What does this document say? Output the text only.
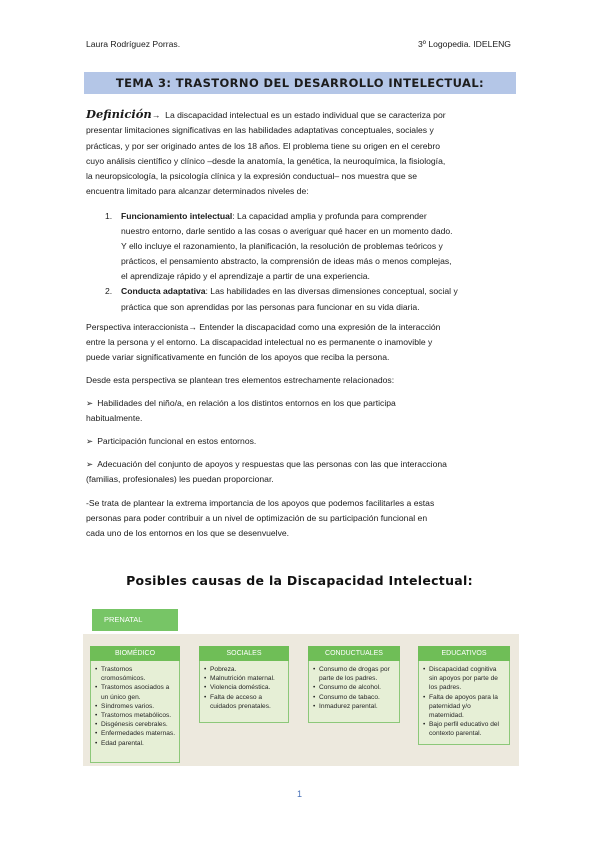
Laura Rodríguez Porras.	3º Logopedia. IDELENG
TEMA 3: TRASTORNO DEL DESARROLLO INTELECTUAL:
Definición→ La discapacidad intelectual es un estado individual que se caracteriza por
presentar limitaciones significativas en las habilidades adaptativas conceptuales, sociales y
prácticas, y por ser originado antes de los 18 años. El problema tiene su origen en el cerebro
cuyo análisis científico y clínico –desde la anatomía, la genética, la neuroquímica, la fisiología,
la neuropsicología, la psicología clínica y la expresión conductual– nos muestra que se
encuentra limitado para alcanzar determinados niveles de:
1. Funcionamiento intelectual: La capacidad amplia y profunda para comprender
nuestro entorno, darle sentido a las cosas o averiguar qué hacer en un momento dado.
Y ello incluye el razonamiento, la planificación, la resolución de problemas teóricos y
prácticos, el pensamiento abstracto, la comprensión de ideas más o menos complejas,
el aprendizaje rápido y el aprendizaje a partir de una experiencia.
2. Conducta adaptativa: Las habilidades en las diversas dimensiones conceptual, social y
práctica que son aprendidas por las personas para funcionar en su vida diaria.
Perspectiva interaccionista→ Entender la discapacidad como una expresión de la interacción
entre la persona y el entorno. La discapacidad intelectual no es permanente o inamovible y
puede variar significativamente en función de los apoyos que reciba la persona.
Desde esta perspectiva se plantean tres elementos estrechamente relacionados:
➢ Habilidades del niño/a, en relación a los distintos entornos en los que participa
habitualmente.
➢ Participación funcional en estos entornos.
➢ Adecuación del conjunto de apoyos y respuestas que las personas con las que interacciona
(familias, profesionales) les puedan proporcionar.
-Se trata de plantear la extrema importancia de los apoyos que podemos facilitarles a estas
personas para poder contribuir a un nivel de optimización de su participación funcional en
cada uno de los entornos en los que se desenvuelve.
Posibles causas de la Discapacidad Intelectual:
PRENATAL
BIOMÉDICO
• Trastornos cromosómicos.
• Trastornos asociados a un único gen.
• Síndromes varios.
• Trastornos metabólicos.
• Disgénesis cerebrales.
• Enfermedades maternas.
• Edad parental.
SOCIALES
• Pobreza.
• Malnutrición maternal.
• Violencia doméstica.
• Falta de acceso a cuidados prenatales.
CONDUCTUALES
• Consumo de drogas por parte de los padres.
• Consumo de alcohol.
• Consumo de tabaco.
• Inmadurez parental.
EDUCATIVOS
• Discapacidad cognitiva sin apoyos por parte de los padres.
• Falta de apoyos para la paternidad y/o maternidad.
• Bajo perfil educativo del contexto parental.
1
